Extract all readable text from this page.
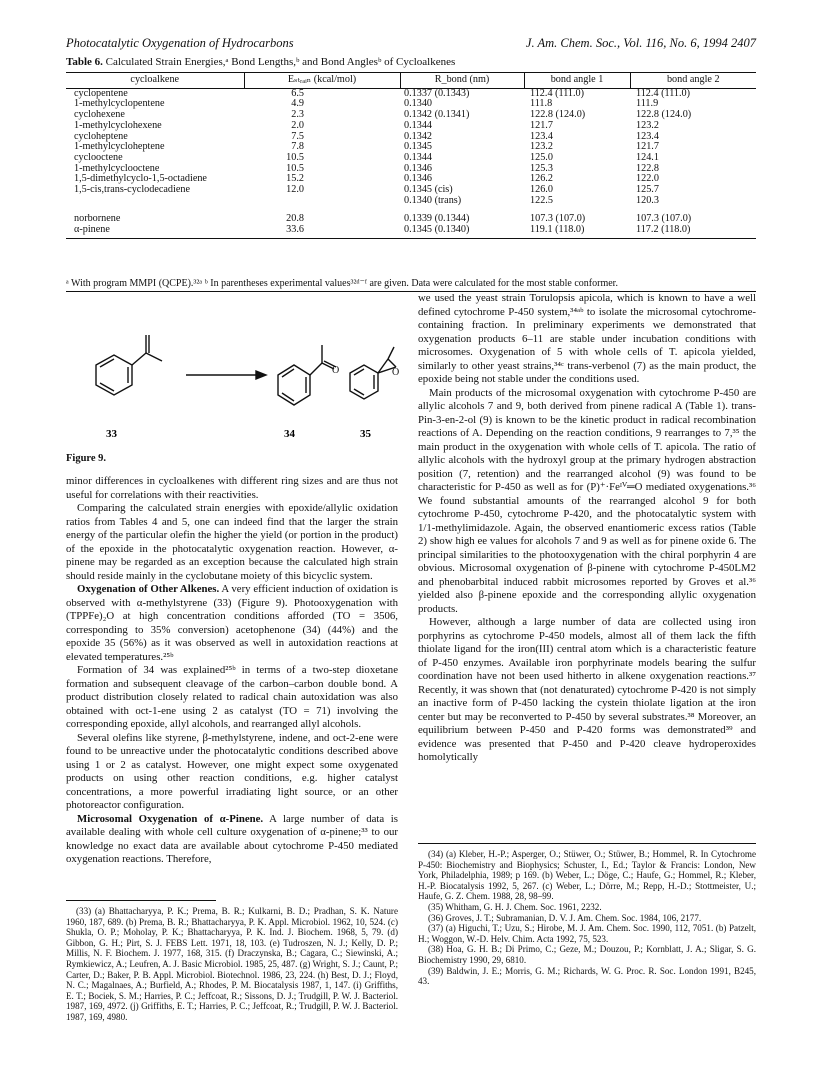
Photocatalytic Oxygenation of Hydrocarbons	J. Am. Chem. Soc., Vol. 116, No. 6, 1994 2407
Table 6. Calculated Strain Energies,ᵃ Bond Lengths,ᵇ and Bond Anglesᵇ of Cycloalkenes
cycloalkene	Eₛₜᵣₐᵢₙ (kcal/mol)	R_bond (nm)	bond angle 1	bond angle 2
cyclopentene	6.5	0.1337 (0.1343)	112.4 (111.0)	112.4 (111.0)
1-methylcyclopentene	4.9	0.1340	111.8	111.9
cyclohexene	2.3	0.1342 (0.1341)	122.8 (124.0)	122.8 (124.0)
1-methylcyclohexene	2.0	0.1344	121.7	123.2
cycloheptene	7.5	0.1342	123.4	123.4
1-methylcycloheptene	7.8	0.1345	123.2	121.7
cyclooctene	10.5	0.1344	125.0	124.1
1-methylcyclooctene	10.5	0.1346	125.3	122.8
1,5-dimethylcyclo-1,5-octadiene	15.2	0.1346	126.2	122.0
1,5-cis,trans-cyclodecadiene	12.0	0.1345 (cis)	126.0	125.7
		0.1340 (trans)	122.5	120.3
norbornene	20.8	0.1339 (0.1344)	107.3 (107.0)	107.3 (107.0)
α-pinene	33.6	0.1345 (0.1340)	119.1 (118.0)	117.2 (118.0)
ᵃ With program MMPI (QCPE).³²ᵃ ᵇ In parentheses experimental values³²ᵈ⁻ᶠ are given. Data were calculated for the most stable conformer.
O	O
33	34	35
Figure 9.

minor differences in cycloalkenes with different ring sizes and are thus not useful for correlations with their reactivities.

Comparing the calculated strain energies with epoxide/allylic oxidation ratios from Tables 4 and 5, one can indeed find that the larger the strain energy of the particular olefin the higher the yield (or portion in the product) of the epoxide in the photocatalytic oxygenation reaction. However, α-pinene may be regarded as an exception because the calculated high strain should reside mainly in the cyclobutane moiety of this bicyclic system.

Oxygenation of Other Alkenes. A very efficient induction of oxidation is observed with α-methylstyrene (33) (Figure 9). Photooxygenation with (TPPFe)₂O at high concentration conditions afforded (TO = 3506, corresponding to 35% conversion) acetophenone (34) (44%) and the epoxide 35 (56%) as it was observed as well in autoxidation reactions at elevated temperatures.²⁵ᵇ

Formation of 34 was explained²⁵ᵇ in terms of a two-step dioxetane formation and subsequent cleavage of the carbon–carbon double bond. A product distribution closely related to radical chain autoxidation was also obtained with oct-1-ene using 2 as catalyst (TO = 71) involving the corresponding epoxide, allyl alcohols, and rearranged allyl alcohols.

Several olefins like styrene, β-methylstyrene, indene, and oct-2-ene were found to be unreactive under the photocatalytic conditions described above using 1 or 2 as catalyst. However, one might expect some oxygenated products on using other reaction conditions, e.g. higher catalyst concentrations, a more powerful irradiating light source, or an other photoreactor configuration.

Microsomal Oxygenation of α-Pinene. A large number of data is available dealing with whole cell culture oxygenation of α-pinene;³³ to our knowledge no exact data are available about cytochrome P-450 mediated oxygenation reactions. Therefore,

we used the yeast strain Torulopsis apicola, which is known to have a well defined cytochrome P-450 system,³⁴ᵃᵇ to isolate the microsomal cytochrome-containing fraction. In preliminary experiments we demonstrated that oxygenation products 6–11 are stable under incubation conditions with microsomes. Oxygenation of 5 with whole cells of T. apicola yielded, similarly to other yeast strains,³⁴ᶜ trans-verbenol (7) as the main product, the epoxide being not stable under the conditions used.

Main products of the microsomal oxygenation with cytochrome P-450 are allylic alcohols 7 and 9, both derived from pinene radical A (Table 1). trans-Pin-3-en-2-ol (9) is known to be the kinetic product in radical recombination reactions of A. Depending on the reaction conditions, 9 rearranges to 7,³⁵ the main product in the oxygenation with whole cells of T. apicola. The ratio of allylic alcohols with the hydroxyl group at the primary hydrogen abstraction position (7, retention) and the rearranged alcohol (9) was found to be characteristic for P-450 as well as for (P)⁺·Feᴵⱽ═O mediated oxygenations.³⁶ We found substantial amounts of the rearranged alcohol 9 for both cytochrome P-450, cytochrome P-420, and the photocatalytic system with 1/1-methylimidazole. Again, the observed enantiomeric excess ratios (Table 2) show high ee values for alcohols 7 and 9 as well as for pinene oxide 6. The principal similarities to the photooxygenation with the chiral porphyrin 4 are obvious. Microsomal oxygenation of β-pinene with cytochrome P-450LM2 and phenobarbital induced rabbit microsomes reported by Groves et al.³⁶ yielded also β-pinene epoxide and the corresponding allylic oxygenation products.

However, although a large number of data are collected using iron porphyrins as cytochrome P-450 models, almost all of them lack the fifth thiolate ligand for the iron(III) central atom which is a characteristic feature of P-450 enzymes. Available iron porphyrinate models bearing the sulfur coordination have not been used hitherto in alkene oxygenation reactions.³⁷ Recently, it was shown that (not denaturated) cytochrome P-420 is not simply an inactive form of P-450 lacking the cystein thiolate ligation at the iron center but may be reconverted to P-450 by several substrates.³⁸ Moreover, an equilibrium between P-450 and P-420 forms was demonstrated³⁹ and evidence was presented that P-450 and P-420 cleave hydroperoxides homolytically

(33) (a) Bhattacharyya, P. K.; Prema, B. R.; Kulkarni, B. D.; Pradhan, S. K. Nature 1960, 187, 689. (b) Prema, B. R.; Bhattacharyya, P. K. Appl. Microbiol. 1962, 10, 524. (c) Shukla, O. P.; Moholay, P. K.; Bhattacharyya, P. K. Ind. J. Biochem. 1968, 5, 79. (d) Gibbon, G. H.; Pirt, S. J. FEBS Lett. 1971, 18, 103. (e) Tudroszen, N. J.; Kelly, D. P.; Millis, N. F. Biochem. J. 1977, 168, 315. (f) Draczynska, B.; Cagara, C.; Siewinski, A.; Rymkiewicz, A.; Leufren, A. J. Basic Microbiol. 1985, 25, 487. (g) Wright, S. J.; Caunt, P.; Carter, D.; Baker, P. B. Appl. Microbiol. Biotechnol. 1986, 23, 224. (h) Best, D. J.; Floyd, N. C.; Magalnaes, A.; Burfield, A.; Rhodes, P. M. Biocatalysis 1987, 1, 147. (i) Griffiths, E. T.; Bociek, S. M.; Harries, P. C.; Jeffcoat, R.; Sissons, D. J.; Trudgill, P. W. J. Bacteriol. 1987, 169, 4972. (j) Griffiths, E. T.; Harries, P. C.; Jeffcoat, R.; Trudgill, P. W. J. Bacteriol. 1987, 169, 4980.

(34) (a) Kleber, H.-P.; Asperger, O.; Stüwer, O.; Stüwer, B.; Hommel, R. In Cytochrome P-450: Biochemistry and Biophysics; Schuster, I., Ed.; Taylor & Francis: London, New York, Philadelphia, 1989; p 169. (b) Weber, L.; Döge, C.; Haufe, G.; Hommel, R.; Kleber, H.-P. Biocatalysis 1992, 5, 267. (c) Weber, L.; Dörre, M.; Repp, H.-D.; Stottmeister, U.; Haufe, G. Z. Chem. 1988, 28, 98–99.

(35) Whitham, G. H. J. Chem. Soc. 1961, 2232.

(36) Groves, J. T.; Subramanian, D. V. J. Am. Chem. Soc. 1984, 106, 2177.

(37) (a) Higuchi, T.; Uzu, S.; Hirobe, M. J. Am. Chem. Soc. 1990, 112, 7051. (b) Patzelt, H.; Woggon, W.-D. Helv. Chim. Acta 1992, 75, 523.

(38) Hoa, G. H. B.; Di Primo, C.; Geze, M.; Douzou, P.; Kornblatt, J. A.; Sligar, S. G. Biochemistry 1990, 29, 6810.

(39) Baldwin, J. E.; Morris, G. M.; Richards, W. G. Proc. R. Soc. London 1991, B245, 43.
